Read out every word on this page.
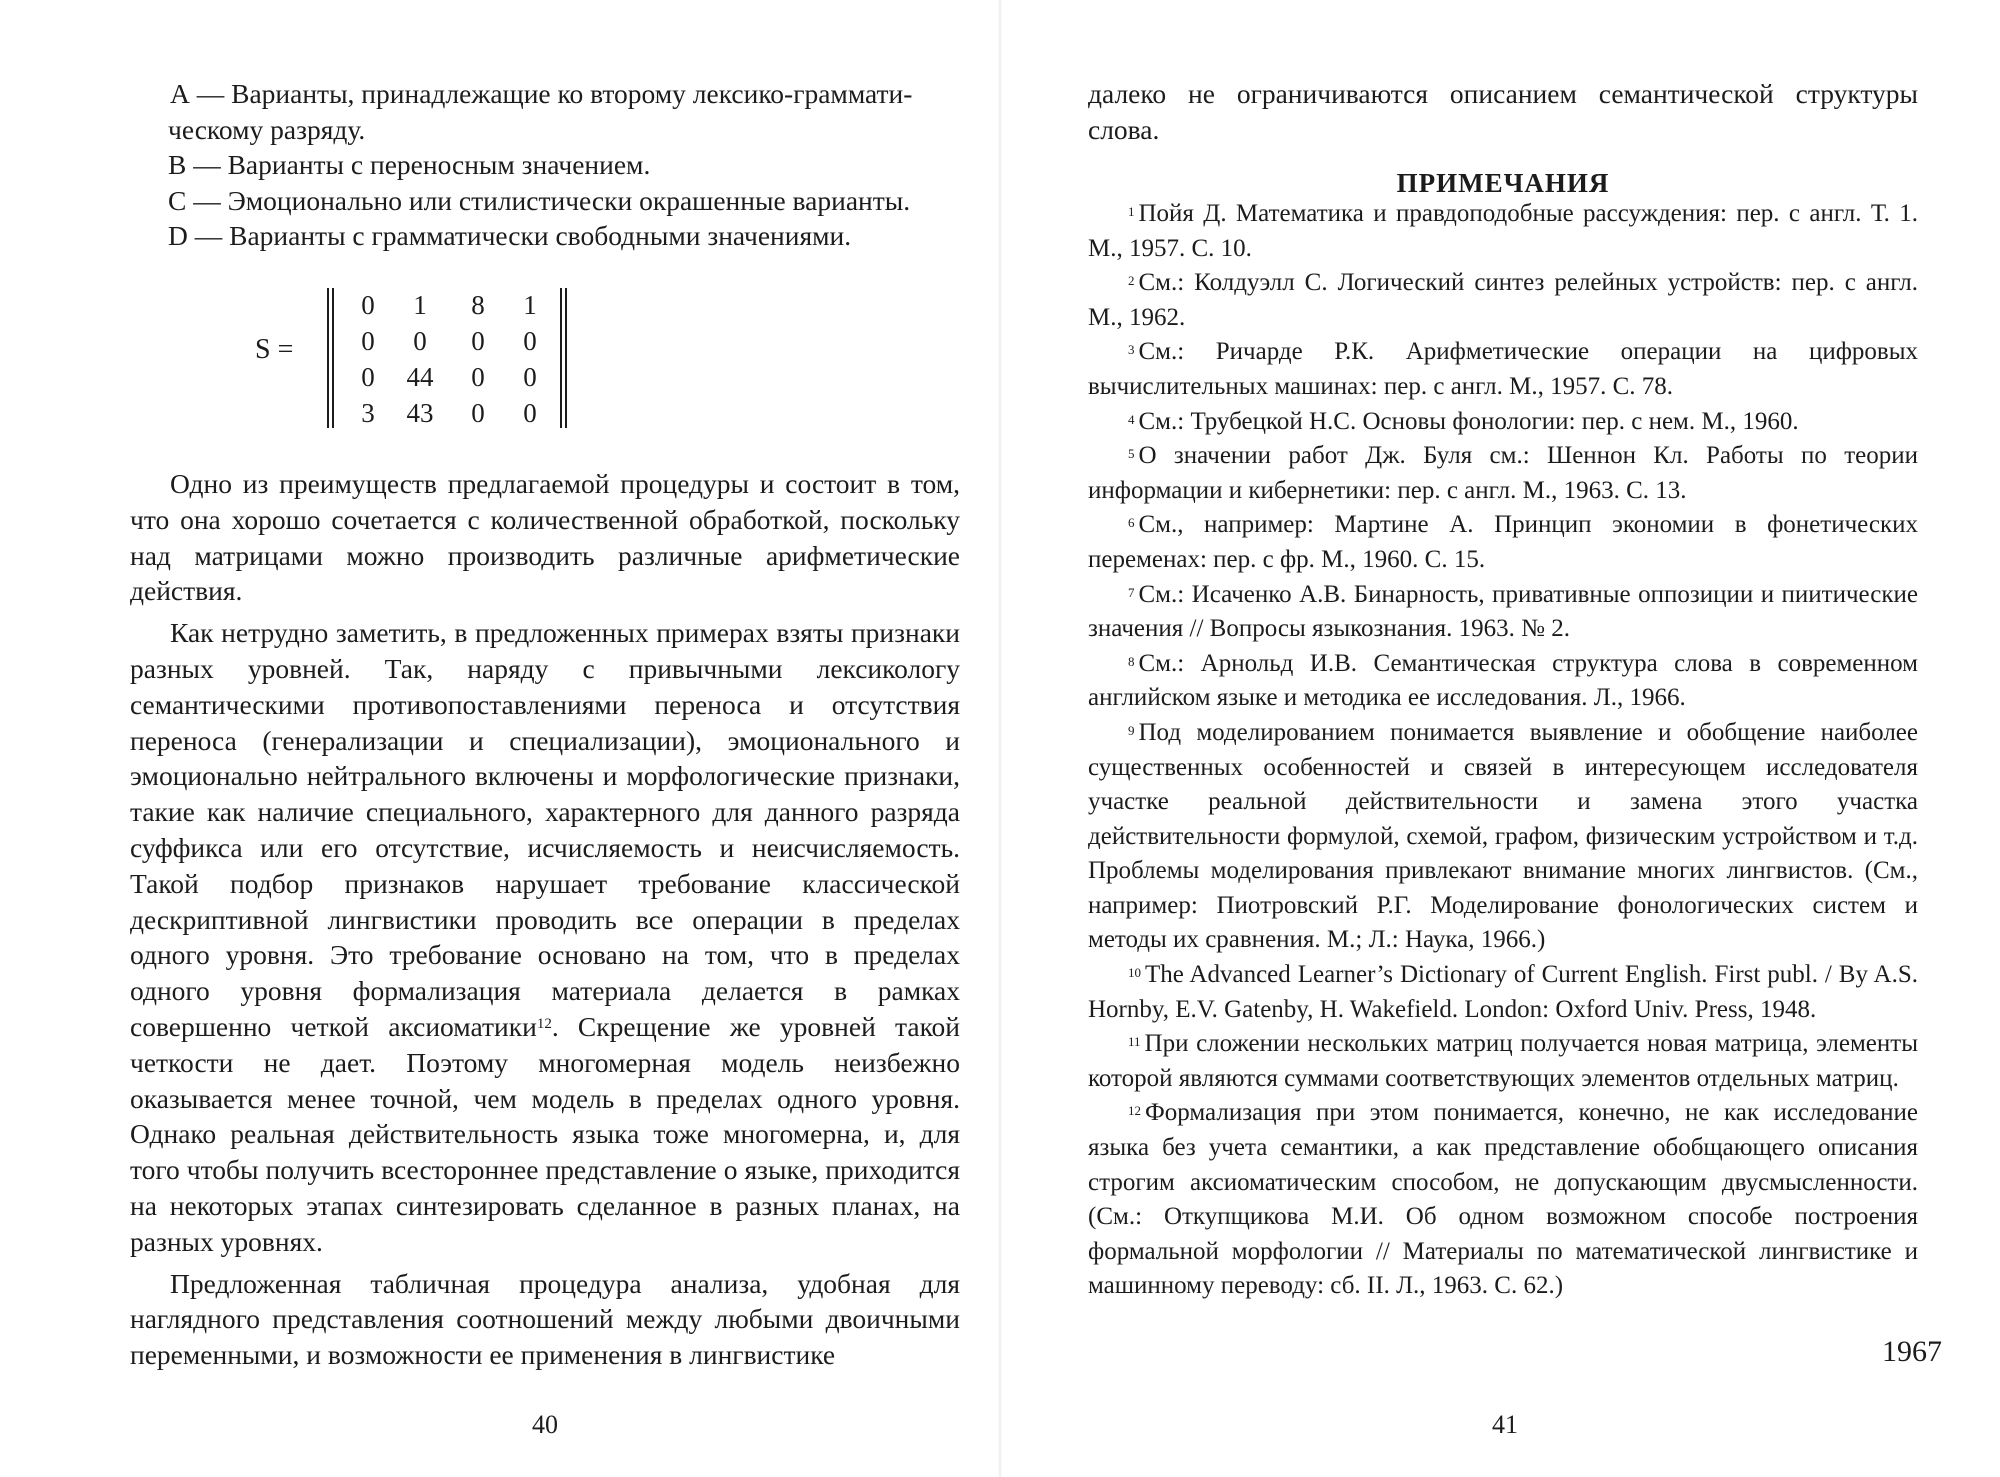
А — Варианты, принадлежащие ко второму лексико-граммати-
ческому разряду.

В — Варианты с переносным значением.

С — Эмоционально или стилистически окрашенные варианты.

D — Варианты с грамматически свободными значениями.

S =
0	1	8	1
0	0	0	0
0	44	0	0
3	43	0	0

Одно из преимуществ предлагаемой процедуры и состоит в том, что она хорошо сочетается с количественной обработкой, поскольку над матрицами можно производить различные арифметические действия.

Как нетрудно заметить, в предложенных примерах взяты признаки разных уровней. Так, наряду с привычными лексикологу семантическими противопоставлениями переноса и отсутствия переноса (генерализации и специализации), эмоционального и эмоционально нейтрального включены и морфологические признаки, такие как наличие специального, характерного для данного разряда суффикса или его отсутствие, исчисляемость и неисчисляемость. Такой подбор признаков нарушает требование классической дескриптивной лингвистики проводить все операции в пределах одного уровня. Это требование основано на том, что в пределах одного уровня формализация материала делается в рамках совершенно четкой аксиоматики$^{12}$. Скрещение же уровней такой четкости не дает. Поэтому многомерная модель неизбежно оказывается менее точной, чем модель в пределах одного уровня. Однако реальная действительность языка тоже многомерна, и, для того чтобы получить всестороннее представление о языке, приходится на некоторых этапах синтезировать сделанное в разных планах, на разных уровнях.

Предложенная табличная процедура анализа, удобная для наглядного представления соотношений между любыми двоичными переменными, и возможности ее применения в лингвистике

40
далеко не ограничиваются описанием семантической структуры слова.
ПРИМЕЧАНИЯ

$^1$ Пойя Д. Математика и правдоподобные рассуждения: пер. с англ. Т. 1. М., 1957. С. 10.

$^2$ См.: Колдуэлл С. Логический синтез релейных устройств: пер. с англ. М., 1962.

$^3$ См.: Ричарде Р.К. Арифметические операции на цифровых вычислительных машинах: пер. с англ. М., 1957. С. 78.

$^4$ См.: Трубецкой Н.С. Основы фонологии: пер. с нем. М., 1960.

$^5$ О значении работ Дж. Буля см.: Шеннон Кл. Работы по теории информации и кибернетики: пер. с англ. М., 1963. С. 13.

$^6$ См., например: Мартине А. Принцип экономии в фонетических переменах: пер. с фр. М., 1960. С. 15.

$^7$ См.: Исаченко А.В. Бинарность, привативные оппозиции и пиитические значения // Вопросы языкознания. 1963. № 2.

$^8$ См.: Арнольд И.В. Семантическая структура слова в современном английском языке и методика ее исследования. Л., 1966.

$^9$ Под моделированием понимается выявление и обобщение наиболее существенных особенностей и связей в интересующем исследователя участке реальной действительности и замена этого участка действительности формулой, схемой, графом, физическим устройством и т.д. Проблемы моделирования привлекают внимание многих лингвистов. (См., например: Пиотровский Р.Г. Моделирование фонологических систем и методы их сравнения. М.; Л.: Наука, 1966.)

$^{10}$ The Advanced Learner’s Dictionary of Current English. First publ. / By A.S. Hornby, E.V. Gatenby, H. Wakefield. London: Oxford Univ. Press, 1948.

$^{11}$ При сложении нескольких матриц получается новая матрица, элементы которой являются суммами соответствующих элементов отдельных матриц.

$^{12}$ Формализация при этом понимается, конечно, не как исследование языка без учета семантики, а как представление обобщающего описания строгим аксиоматическим способом, не допускающим двусмысленности. (См.: Откупщикова М.И. Об одном возможном способе построения формальной морфологии // Материалы по математической лингвистике и машинному переводу: сб. II. Л., 1963. С. 62.)

1967
41
